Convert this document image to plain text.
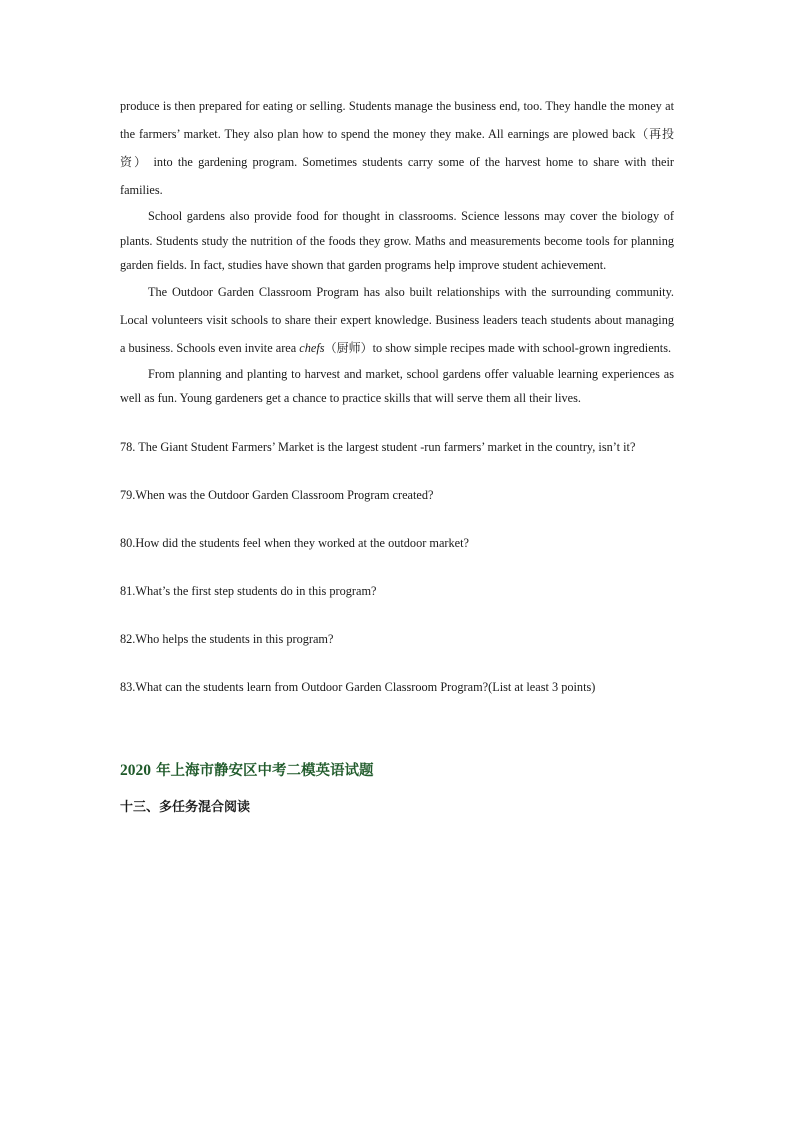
produce is then prepared for eating or selling. Students manage the business end, too. They handle the money at the farmers’ market. They also plan how to spend the money they make. All earnings are plowed back（再投资） into the gardening program. Sometimes students carry some of the harvest home to share with their families.

School gardens also provide food for thought in classrooms. Science lessons may cover the biology of plants. Students study the nutrition of the foods they grow. Maths and measurements become tools for planning garden fields. In fact, studies have shown that garden programs help improve student achievement.

The Outdoor Garden Classroom Program has also built relationships with the surrounding community. Local volunteers visit schools to share their expert knowledge. Business leaders teach students about managing a business. Schools even invite area chefs（厨师）to show simple recipes made with school-grown ingredients.

From planning and planting to harvest and market, school gardens offer valuable learning experiences as well as fun. Young gardeners get a chance to practice skills that will serve them all their lives.

78. The Giant Student Farmers’ Market is the largest student -run farmers’ market in the country, isn’t it?

79.When was the Outdoor Garden Classroom Program created?

80.How did the students feel when they worked at the outdoor market?

81.What’s the first step students do in this program?

82.Who helps the students in this program?

83.What can the students learn from Outdoor Garden Classroom Program?(List at least 3 points)

2020 年上海市静安区中考二模英语试题
十三、多任务混合阅读
